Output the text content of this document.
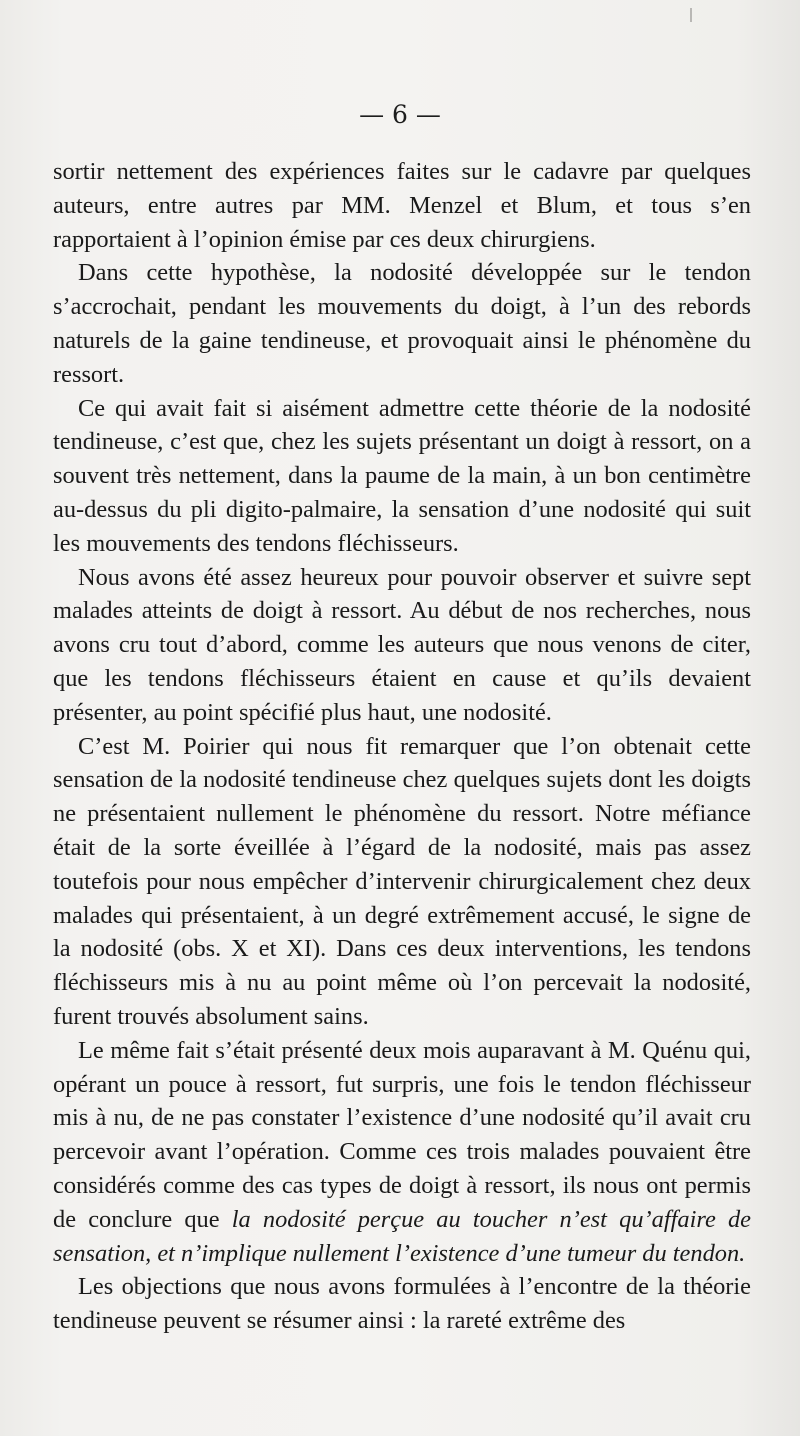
— 6 —

sortir nettement des expériences faites sur le cadavre par quelques auteurs, entre autres par MM. Menzel et Blum, et tous s’en rapportaient à l’opinion émise par ces deux chirurgiens.

Dans cette hypothèse, la nodosité développée sur le tendon s’accrochait, pendant les mouvements du doigt, à l’un des rebords naturels de la gaine tendineuse, et provoquait ainsi le phénomène du ressort.

Ce qui avait fait si aisément admettre cette théorie de la nodosité tendineuse, c’est que, chez les sujets présentant un doigt à ressort, on a souvent très nettement, dans la paume de la main, à un bon centimètre au-dessus du pli digito-palmaire, la sensation d’une nodosité qui suit les mouvements des tendons fléchisseurs.

Nous avons été assez heureux pour pouvoir observer et suivre sept malades atteints de doigt à ressort. Au début de nos recherches, nous avons cru tout d’abord, comme les auteurs que nous venons de citer, que les tendons fléchisseurs étaient en cause et qu’ils devaient présenter, au point spécifié plus haut, une nodosité.

C’est M. Poirier qui nous fit remarquer que l’on obtenait cette sensation de la nodosité tendineuse chez quelques sujets dont les doigts ne présentaient nullement le phénomène du ressort. Notre méfiance était de la sorte éveillée à l’égard de la nodosité, mais pas assez toutefois pour nous empêcher d’intervenir chirurgicalement chez deux malades qui présentaient, à un degré extrêmement accusé, le signe de la nodosité (obs. X et XI). Dans ces deux interventions, les tendons fléchisseurs mis à nu au point même où l’on percevait la nodosité, furent trouvés absolument sains.

Le même fait s’était présenté deux mois auparavant à M. Quénu qui, opérant un pouce à ressort, fut surpris, une fois le tendon fléchisseur mis à nu, de ne pas constater l’existence d’une nodosité qu’il avait cru percevoir avant l’opération. Comme ces trois malades pouvaient être considérés comme des cas types de doigt à ressort, ils nous ont permis de conclure que la nodosité perçue au toucher n’est qu’affaire de sensation, et n’implique nullement l’existence d’une tumeur du tendon.

Les objections que nous avons formulées à l’encontre de la théorie tendineuse peuvent se résumer ainsi : la rareté extrême des
